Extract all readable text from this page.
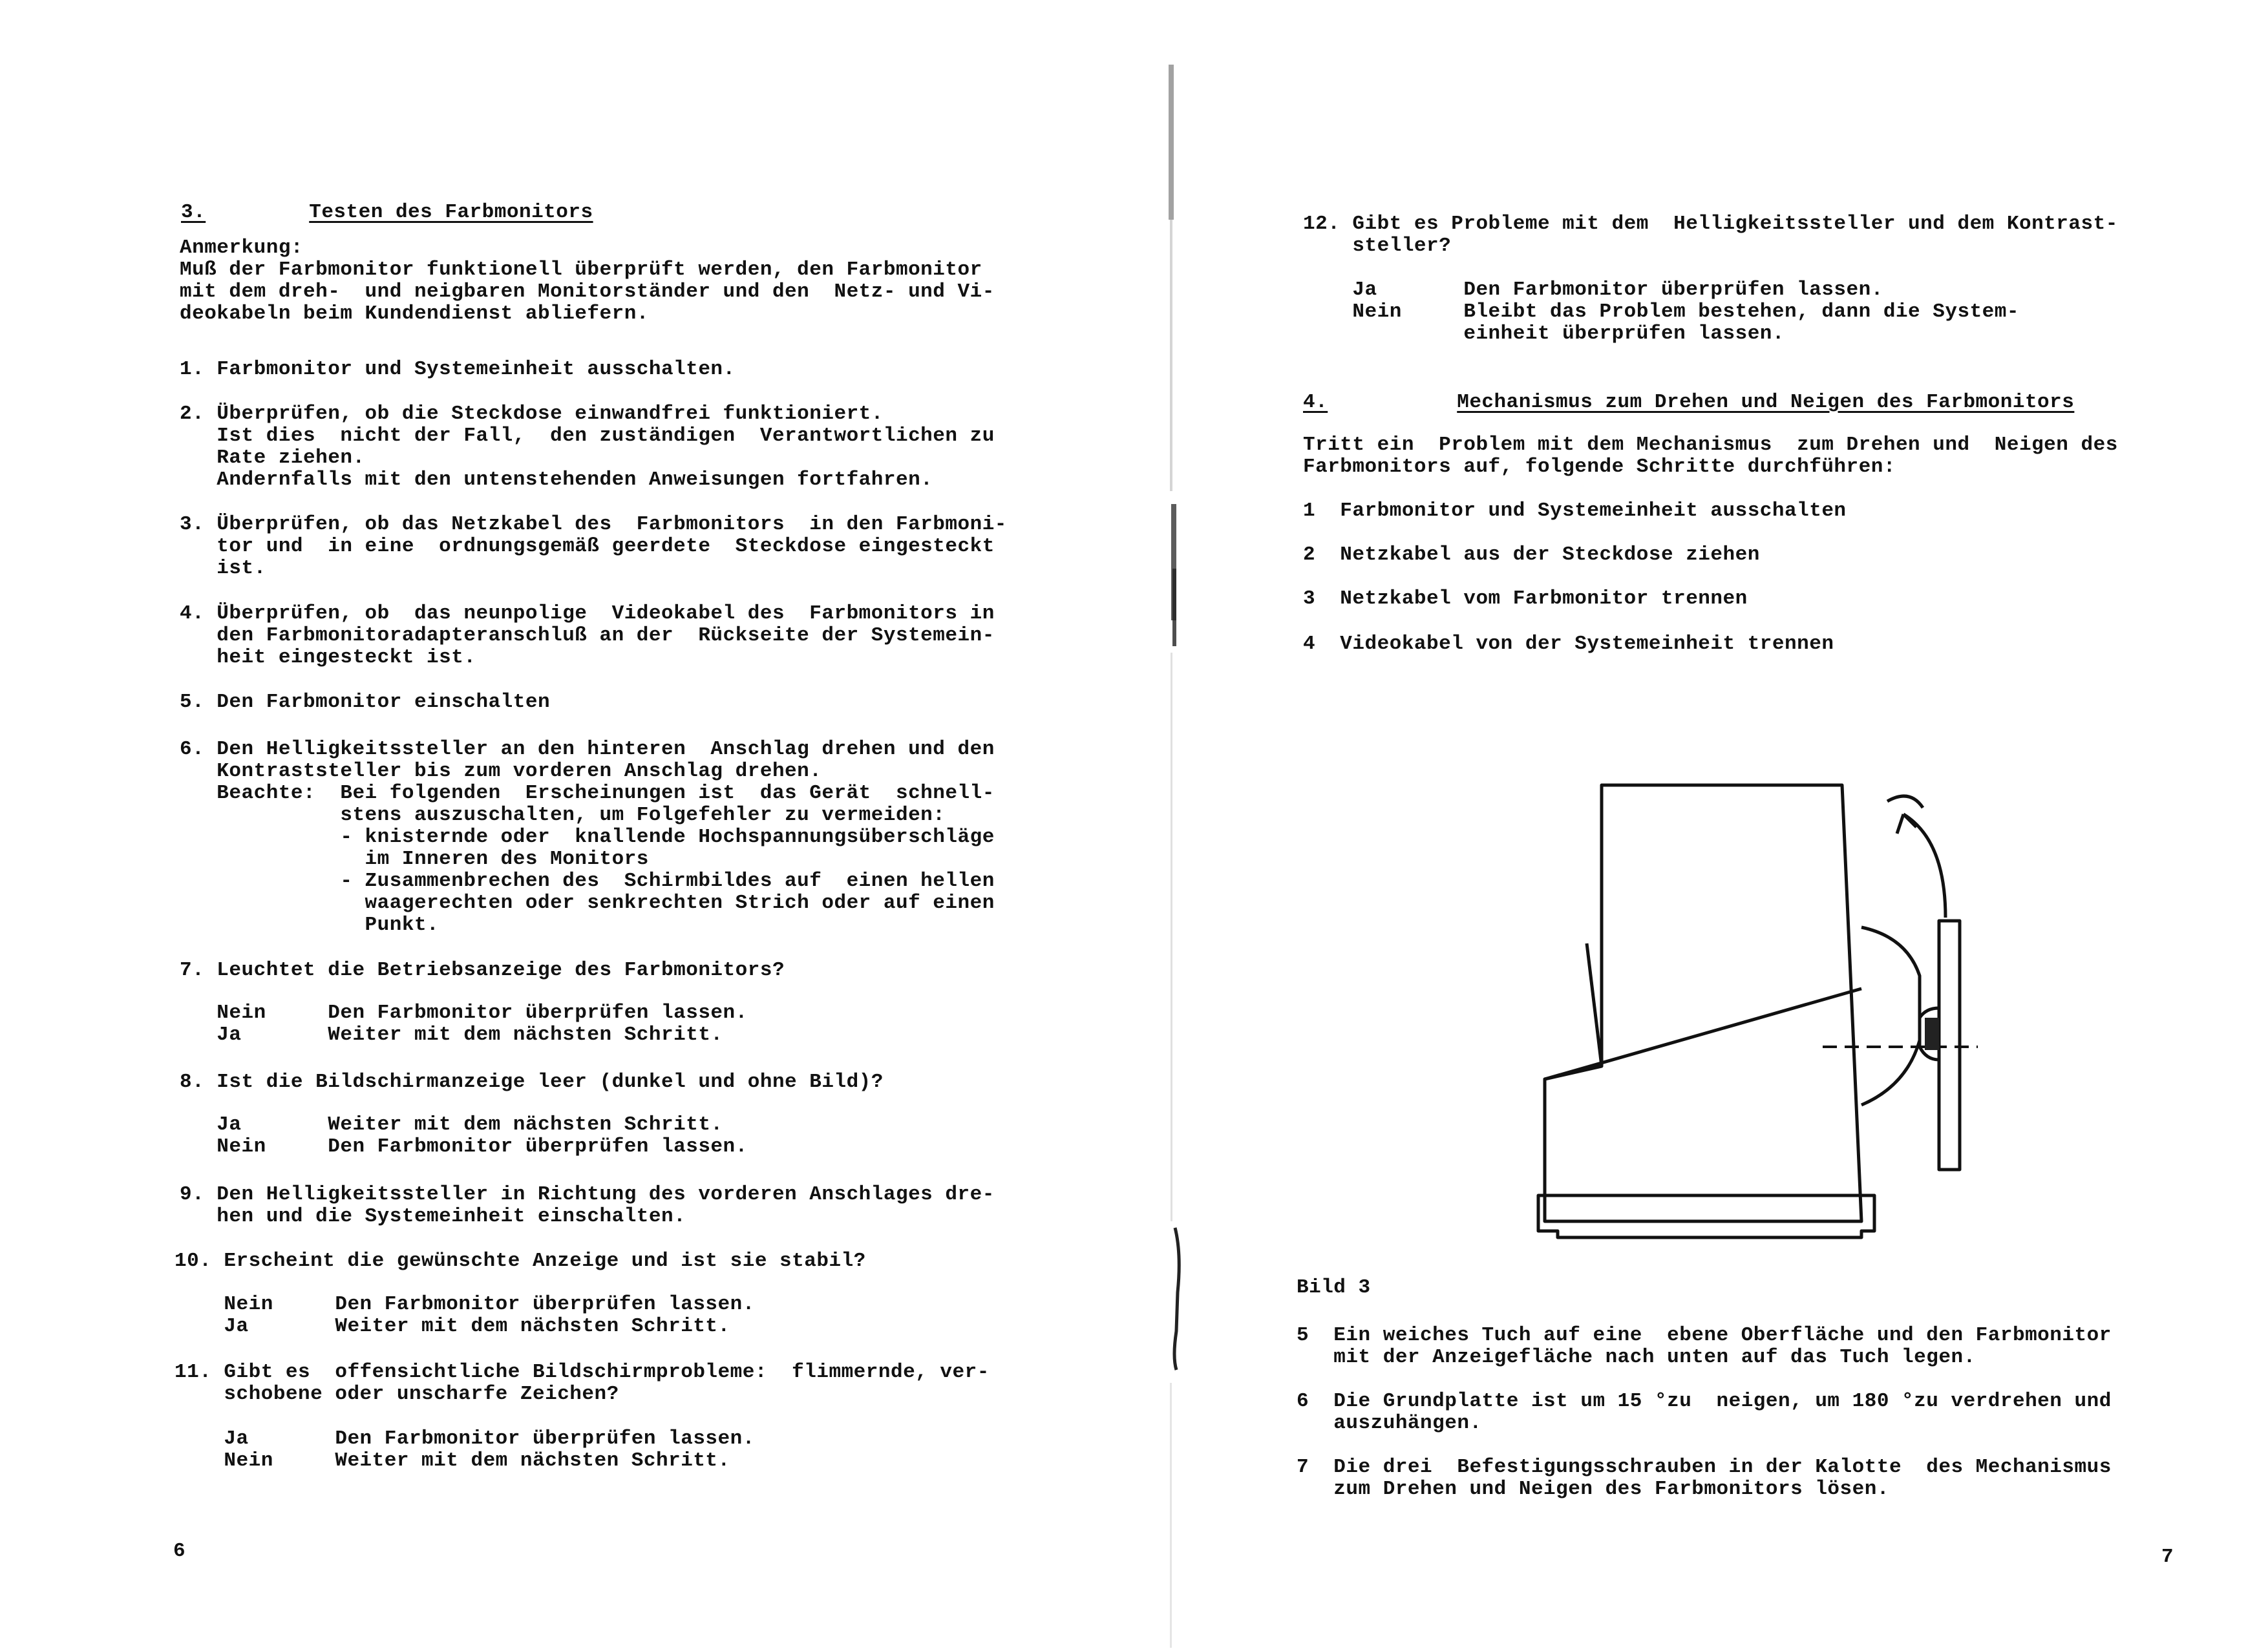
3.	Testen des Farbmonitors
Anmerkung:
Muß der Farbmonitor funktionell überprüft werden, den Farbmonitor
mit dem dreh-  und neigbaren Monitorständer und den  Netz- und Vi-
deokabeln beim Kundendienst abliefern.
1. Farbmonitor und Systemeinheit ausschalten.
2. Überprüfen, ob die Steckdose einwandfrei funktioniert.
Ist dies  nicht der Fall,  den zuständigen  Verantwortlichen zu
Rate ziehen.
Andernfalls mit den untenstehenden Anweisungen fortfahren.
3. Überprüfen, ob das Netzkabel des  Farbmonitors  in den Farbmoni-
tor und  in eine  ordnungsgemäß geerdete  Steckdose eingesteckt
ist.
4. Überprüfen, ob  das neunpolige  Videokabel des  Farbmonitors in
den Farbmonitoradapteranschluß an der  Rückseite der Systemein-
heit eingesteckt ist.
5. Den Farbmonitor einschalten
6. Den Helligkeitssteller an den hinteren  Anschlag drehen und den
Kontraststeller bis zum vorderen Anschlag drehen.
Beachte:  Bei folgenden  Erscheinungen ist  das Gerät  schnell-
stens auszuschalten, um Folgefehler zu vermeiden:
- knisternde oder  knallende Hochspannungsüberschläge
im Inneren des Monitors
- Zusammenbrechen des  Schirmbildes auf  einen hellen
waagerechten oder senkrechten Strich oder auf einen
Punkt.
7. Leuchtet die Betriebsanzeige des Farbmonitors?
Nein     Den Farbmonitor überprüfen lassen.
Ja       Weiter mit dem nächsten Schritt.
8. Ist die Bildschirmanzeige leer (dunkel und ohne Bild)?
Ja       Weiter mit dem nächsten Schritt.
Nein     Den Farbmonitor überprüfen lassen.
9. Den Helligkeitssteller in Richtung des vorderen Anschlages dre-
hen und die Systemeinheit einschalten.
10. Erscheint die gewünschte Anzeige und ist sie stabil?
Nein     Den Farbmonitor überprüfen lassen.
Ja       Weiter mit dem nächsten Schritt.
11. Gibt es  offensichtliche Bildschirmprobleme:  flimmernde, ver-
schobene oder unscharfe Zeichen?
Ja       Den Farbmonitor überprüfen lassen.
Nein     Weiter mit dem nächsten Schritt.
6
12. Gibt es Probleme mit dem  Helligkeitssteller und dem Kontrast-
steller?
Ja       Den Farbmonitor überprüfen lassen.
Nein     Bleibt das Problem bestehen, dann die System-
einheit überprüfen lassen.
4.	Mechanismus zum Drehen und Neigen des Farbmonitors
Tritt ein  Problem mit dem Mechanismus  zum Drehen und  Neigen des
Farbmonitors auf, folgende Schritte durchführen:
1  Farbmonitor und Systemeinheit ausschalten
2  Netzkabel aus der Steckdose ziehen
3  Netzkabel vom Farbmonitor trennen
4  Videokabel von der Systemeinheit trennen
Bild 3
5  Ein weiches Tuch auf eine  ebene Oberfläche und den Farbmonitor
mit der Anzeigefläche nach unten auf das Tuch legen.
6  Die Grundplatte ist um 15 °zu  neigen, um 180 °zu verdrehen und
auszuhängen.
7  Die drei  Befestigungsschrauben in der Kalotte  des Mechanismus
zum Drehen und Neigen des Farbmonitors lösen.
7
